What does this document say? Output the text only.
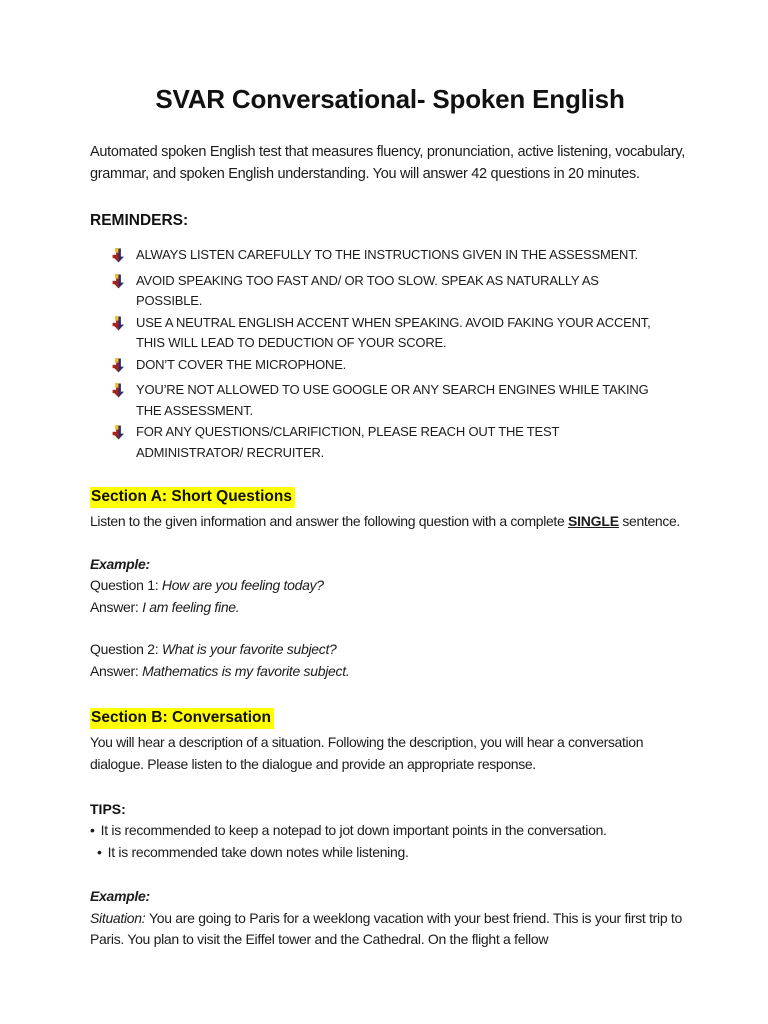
SVAR Conversational- Spoken English

Automated spoken English test that measures fluency, pronunciation, active listening, vocabulary, grammar, and spoken English understanding. You will answer 42 questions in 20 minutes.

REMINDERS:
ALWAYS LISTEN CAREFULLY TO THE INSTRUCTIONS GIVEN IN THE ASSESSMENT.
AVOID SPEAKING TOO FAST AND/ OR TOO SLOW. SPEAK AS NATURALLY AS POSSIBLE.
USE A NEUTRAL ENGLISH ACCENT WHEN SPEAKING. AVOID FAKING YOUR ACCENT, THIS WILL LEAD TO DEDUCTION OF YOUR SCORE.
DON’T COVER THE MICROPHONE.
YOU’RE NOT ALLOWED TO USE GOOGLE OR ANY SEARCH ENGINES WHILE TAKING THE ASSESSMENT.
FOR ANY QUESTIONS/CLARIFICTION, PLEASE REACH OUT THE TEST ADMINISTRATOR/ RECRUITER.
Section A: Short Questions

Listen to the given information and answer the following question with a complete SINGLE sentence.

Example:

Question 1: How are you feeling today?

Answer: I am feeling fine.

Question 2: What is your favorite subject?

Answer: Mathematics is my favorite subject.

Section B: Conversation

You will hear a description of a situation. Following the description, you will hear a conversation dialogue. Please listen to the dialogue and provide an appropriate response.

TIPS:

• It is recommended to keep a notepad to jot down important points in the conversation.

• It is recommended take down notes while listening.

Example:

Situation: You are going to Paris for a weeklong vacation with your best friend. This is your first trip to Paris. You plan to visit the Eiffel tower and the Cathedral. On the flight a fellow
